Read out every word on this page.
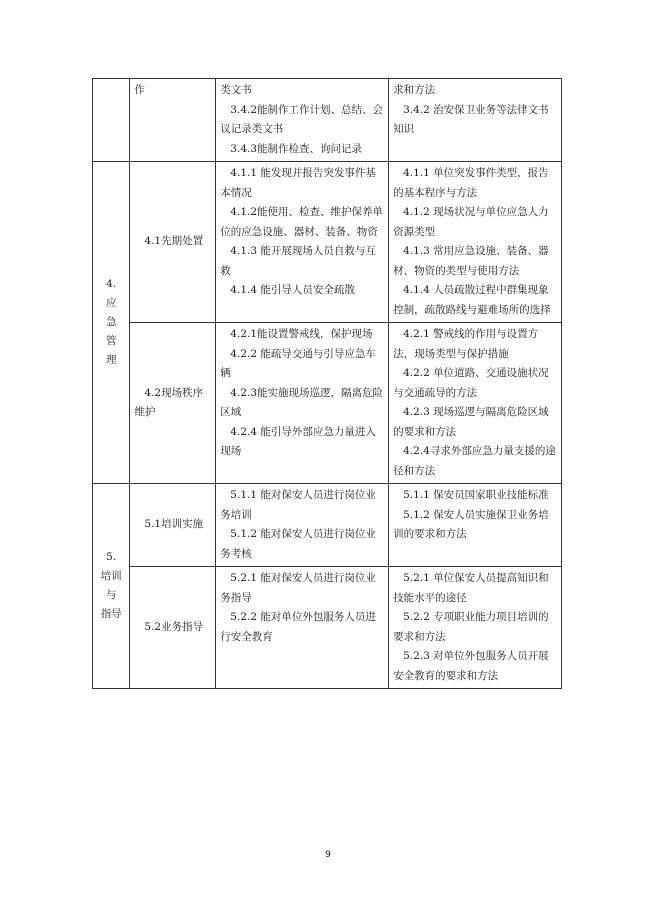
	作	类文书
3.4.2能制作工作计划、总结、会议记录类文书
3.4.3能制作检查、询问记录	求和方法
3.4.2 治安保卫业务等法律文书知识

4.
应
急
管
理	4.1先期处置	4.1.1 能发现并报告突发事件基本情况
4.1.2能使用、检查、维护保养单位的应急设施、器材、装备、物资
4.1.3 能开展现场人员自救与互救
4.1.4 能引导人员安全疏散	4.1.1 单位突发事件类型，报告的基本程序与方法
4.1.2 现场状况与单位应急人力资源类型
4.1.3 常用应急设施、装备、器材、物资的类型与使用方法
4.1.4 人员疏散过程中群集现象控制，疏散路线与避难场所的选择

	4.2现场秩序维护	4.2.1能设置警戒线，保护现场
4.2.2 能疏导交通与引导应急车辆
4.2.3能实施现场巡逻，隔离危险区域
4.2.4 能引导外部应急力量进入现场	4.2.1 警戒线的作用与设置方法，现场类型与保护措施
4.2.2 单位道路、交通设施状况与交通疏导的方法
4.2.3 现场巡逻与隔离危险区域的要求和方法
4.2.4寻求外部应急力量支援的途径和方法

5.
培训
与
指导	5.1培训实施	5.1.1 能对保安人员进行岗位业务培训
5.1.2 能对保安人员进行岗位业务考核	5.1.1 保安员国家职业技能标准
5.1.2 保安人员实施保卫业务培训的要求和方法

	5.2业务指导	5.2.1 能对保安人员进行岗位业务指导
5.2.2 能对单位外包服务人员进行安全教育	5.2.1 单位保安人员提高知识和技能水平的途径
5.2.2 专项职业能力项目培训的要求和方法
5.2.3 对单位外包服务人员开展安全教育的要求和方法
9
